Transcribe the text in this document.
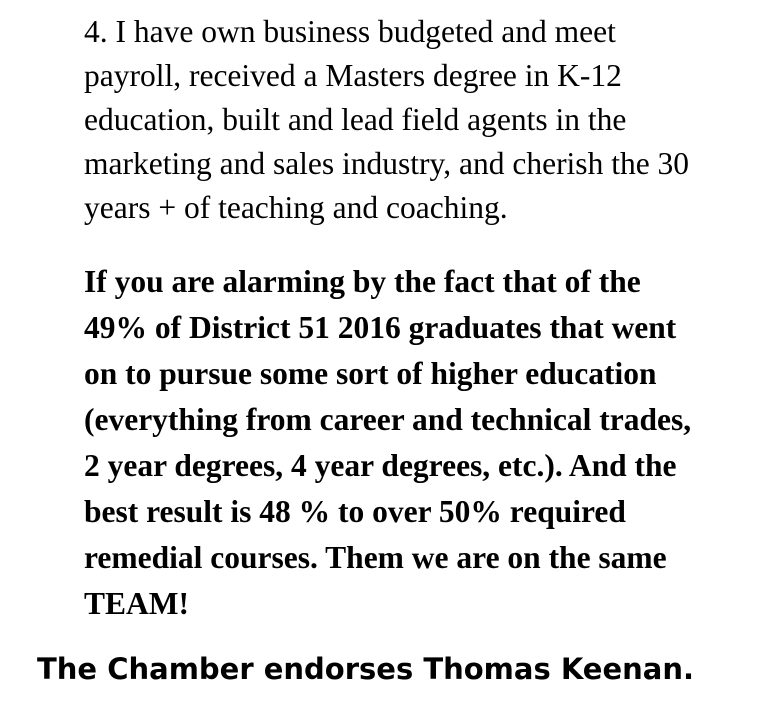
4. I have own business budgeted and meet
payroll, received a Masters degree in K-12
education, built and lead field agents in the
marketing and sales industry, and cherish the 30
years + of teaching and coaching.
If you are alarming by the fact that of the
49% of District 51 2016 graduates that went
on to pursue some sort of higher education
(everything from career and technical trades,
2 year degrees, 4 year degrees, etc.). And the
best result is 48 % to over 50% required
remedial courses. Them we are on the same
TEAM!
The Chamber endorses Thomas Keenan.
